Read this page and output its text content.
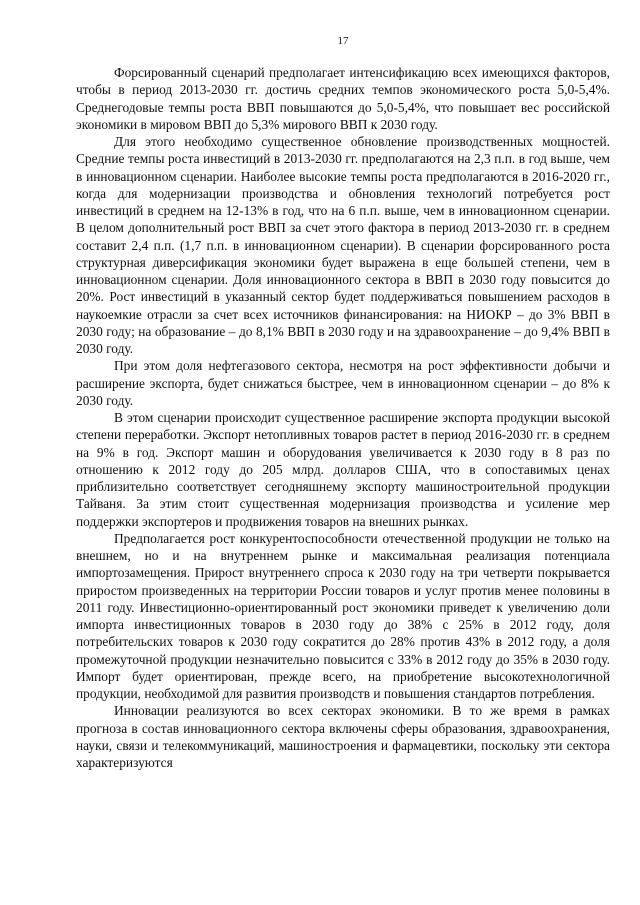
17

Форсированный сценарий предполагает интенсификацию всех имеющихся факторов, чтобы в период 2013-2030 гг. достичь средних темпов экономического роста 5,0-5,4%. Среднегодовые темпы роста ВВП повышаются до 5,0-5,4%, что повышает вес российской экономики в мировом ВВП до 5,3% мирового ВВП к 2030 году.

Для этого необходимо существенное обновление производственных мощностей. Средние темпы роста инвестиций в 2013-2030 гг. предполагаются на 2,3 п.п. в год выше, чем в инновационном сценарии. Наиболее высокие темпы роста предполагаются в 2016-2020 гг., когда для модернизации производства и обновления технологий потребуется рост инвестиций в среднем на 12-13% в год, что на 6 п.п. выше, чем в инновационном сценарии. В целом дополнительный рост ВВП за счет этого фактора в период 2013-2030 гг. в среднем составит 2,4 п.п. (1,7 п.п. в инновационном сценарии). В сценарии форсированного роста структурная диверсификация экономики будет выражена в еще большей степени, чем в инновационном сценарии. Доля инновационного сектора в ВВП в 2030 году повысится до 20%. Рост инвестиций в указанный сектор будет поддерживаться повышением расходов в наукоемкие отрасли за счет всех источников финансирования: на НИОКР – до 3% ВВП в 2030 году; на образование – до 8,1% ВВП в 2030 году и на здравоохранение – до 9,4% ВВП в 2030 году.

При этом доля нефтегазового сектора, несмотря на рост эффективности добычи и расширение экспорта, будет снижаться быстрее, чем в инновационном сценарии – до 8% к 2030 году.

В этом сценарии происходит существенное расширение экспорта продукции высокой степени переработки. Экспорт нетопливных товаров растет в период 2016-2030 гг. в среднем на 9% в год. Экспорт машин и оборудования увеличивается к 2030 году в 8 раз по отношению к 2012 году до 205 млрд. долларов США, что в сопоставимых ценах приблизительно соответствует сегодняшнему экспорту машиностроительной продукции Тайваня. За этим стоит существенная модернизация производства и усиление мер поддержки экспортеров и продвижения товаров на внешних рынках.

Предполагается рост конкурентоспособности отечественной продукции не только на внешнем, но и на внутреннем рынке и максимальная реализация потенциала импортозамещения. Прирост внутреннего спроса к 2030 году на три четверти покрывается приростом произведенных на территории России товаров и услуг против менее половины в 2011 году. Инвестиционно-ориентированный рост экономики приведет к увеличению доли импорта инвестиционных товаров в 2030 году до 38% с 25% в 2012 году, доля потребительских товаров к 2030 году сократится до 28% против 43% в 2012 году, а доля промежуточной продукции незначительно повысится с 33% в 2012 году до 35% в 2030 году. Импорт будет ориентирован, прежде всего, на приобретение высокотехнологичной продукции, необходимой для развития производств и повышения стандартов потребления.

Инновации реализуются во всех секторах экономики. В то же время в рамках прогноза в состав инновационного сектора включены сферы образования, здравоохранения, науки, связи и телекоммуникаций, машиностроения и фармацевтики, поскольку эти сектора характеризуются
